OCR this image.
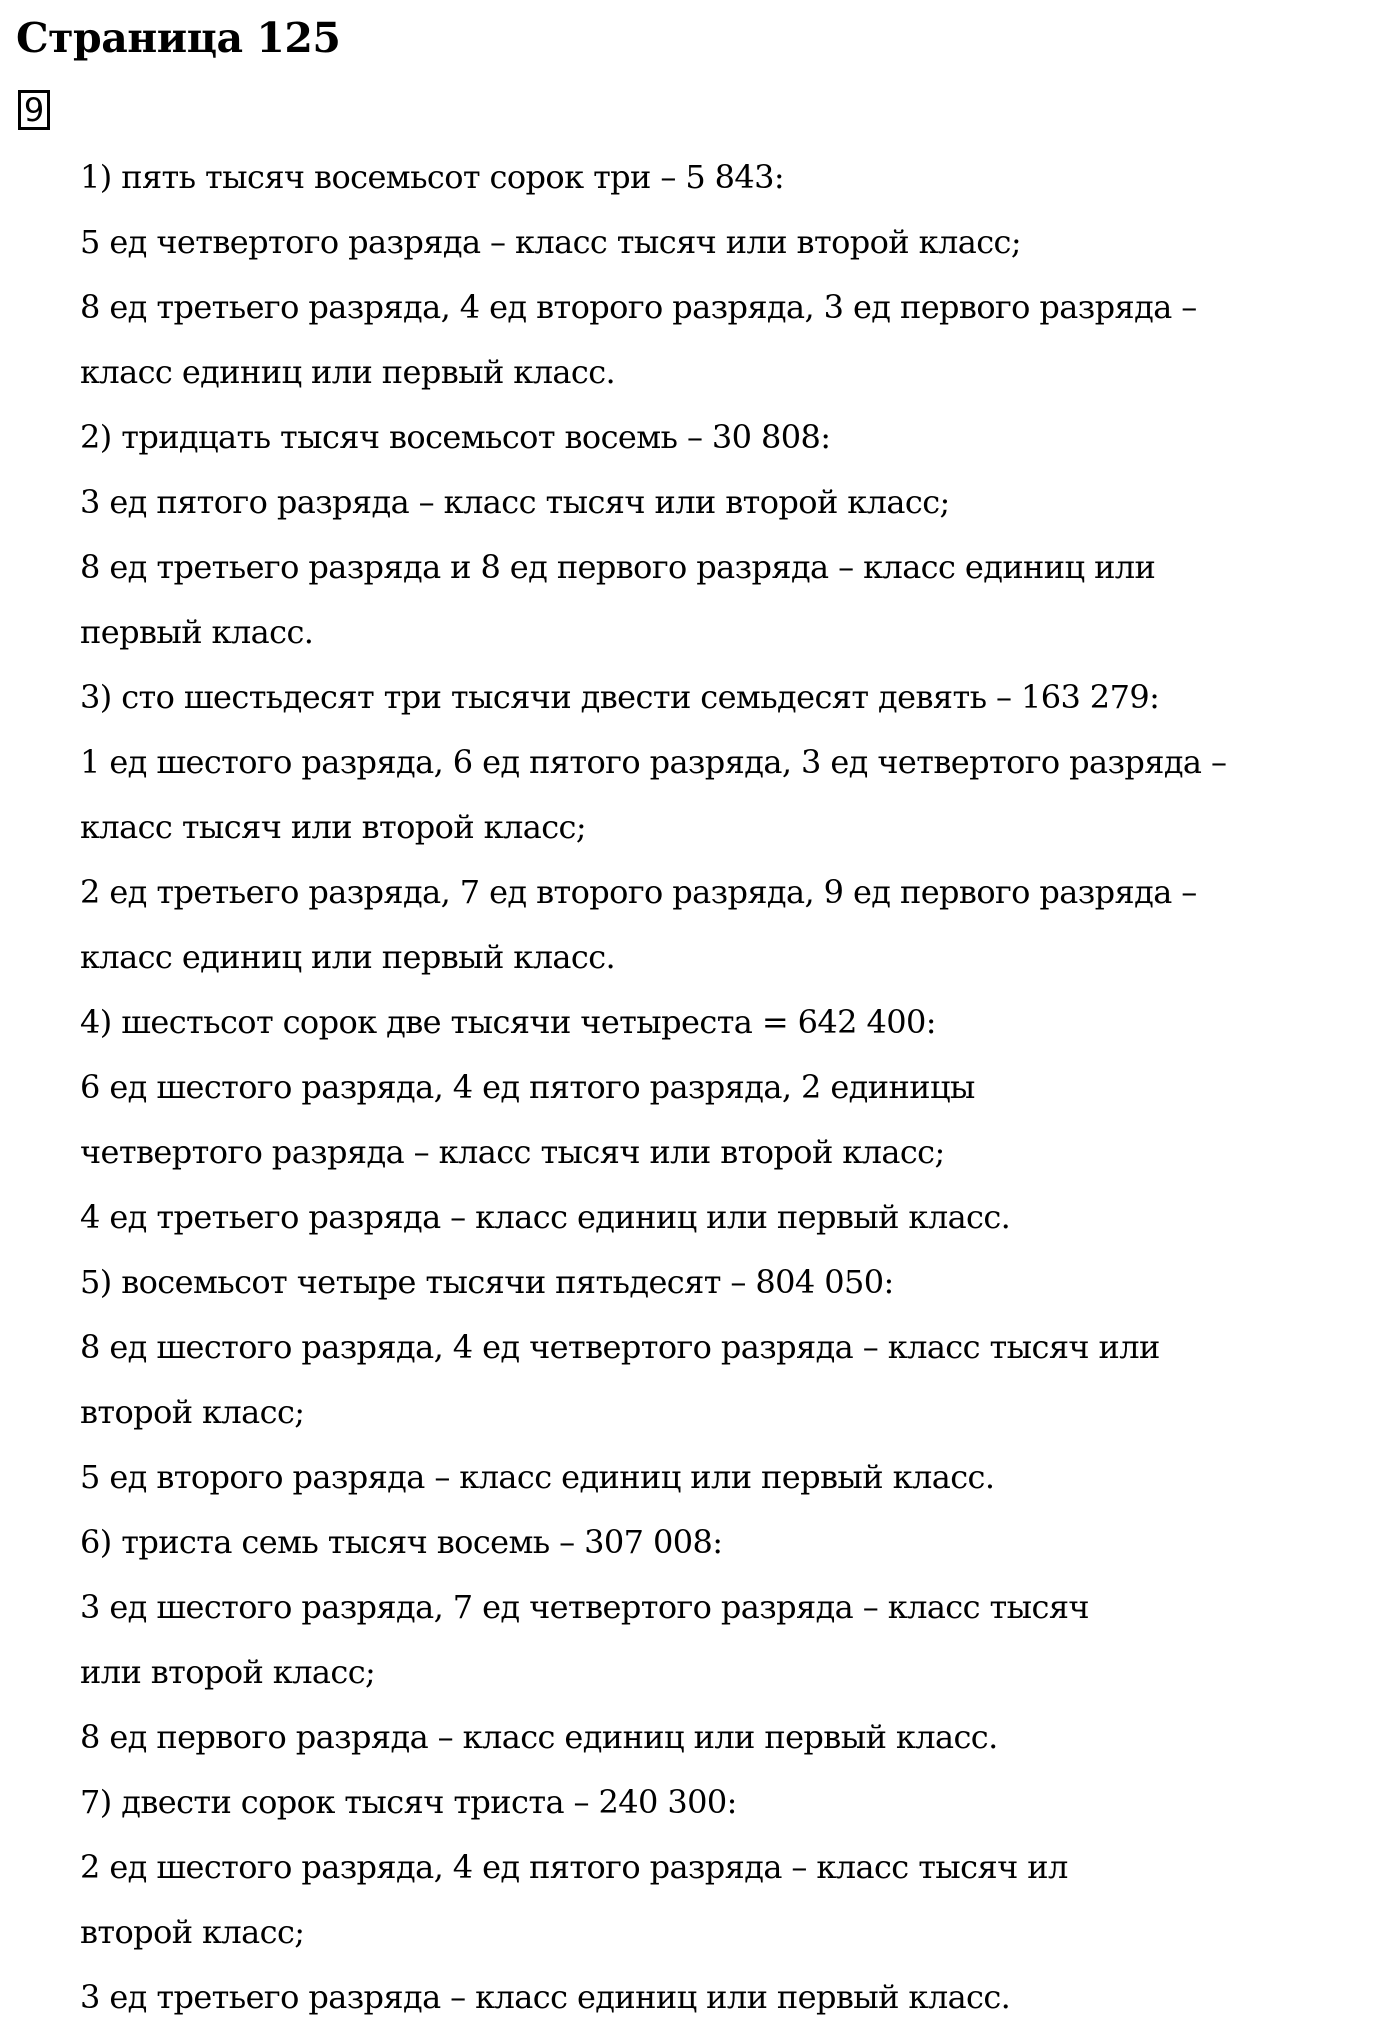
Страница 125
9
1) пять тысяч восемьсот сорок три – 5 843:
5 ед четвертого разряда – класс тысяч или второй класс;
8 ед третьего разряда, 4 ед второго разряда, 3 ед первого разряда –
класс единиц или первый класс.
2) тридцать тысяч восемьсот восемь – 30 808:
3 ед пятого разряда – класс тысяч или второй класс;
8 ед третьего разряда и 8 ед первого разряда – класс единиц или
первый класс.
3) сто шестьдесят три тысячи двести семьдесят девять – 163 279:
1 ед шестого разряда, 6 ед пятого разряда, 3 ед четвертого разряда –
класс тысяч или второй класс;
2 ед третьего разряда, 7 ед второго разряда, 9 ед первого разряда –
класс единиц или первый класс.
4) шестьсот сорок две тысячи четыреста = 642 400:
6 ед шестого разряда, 4 ед пятого разряда, 2 единицы
четвертого разряда – класс тысяч или второй класс;
4 ед третьего разряда – класс единиц или первый класс.
5) восемьсот четыре тысячи пятьдесят – 804 050:
8 ед шестого разряда, 4 ед четвертого разряда – класс тысяч или
второй класс;
5 ед второго разряда – класс единиц или первый класс.
6) триста семь тысяч восемь – 307 008:
3 ед шестого разряда, 7 ед четвертого разряда – класс тысяч
или второй класс;
8 ед первого разряда – класс единиц или первый класс.
7) двести сорок тысяч триста – 240 300:
2 ед шестого разряда, 4 ед пятого разряда – класс тысяч ил
второй класс;
3 ед третьего разряда – класс единиц или первый класс.
